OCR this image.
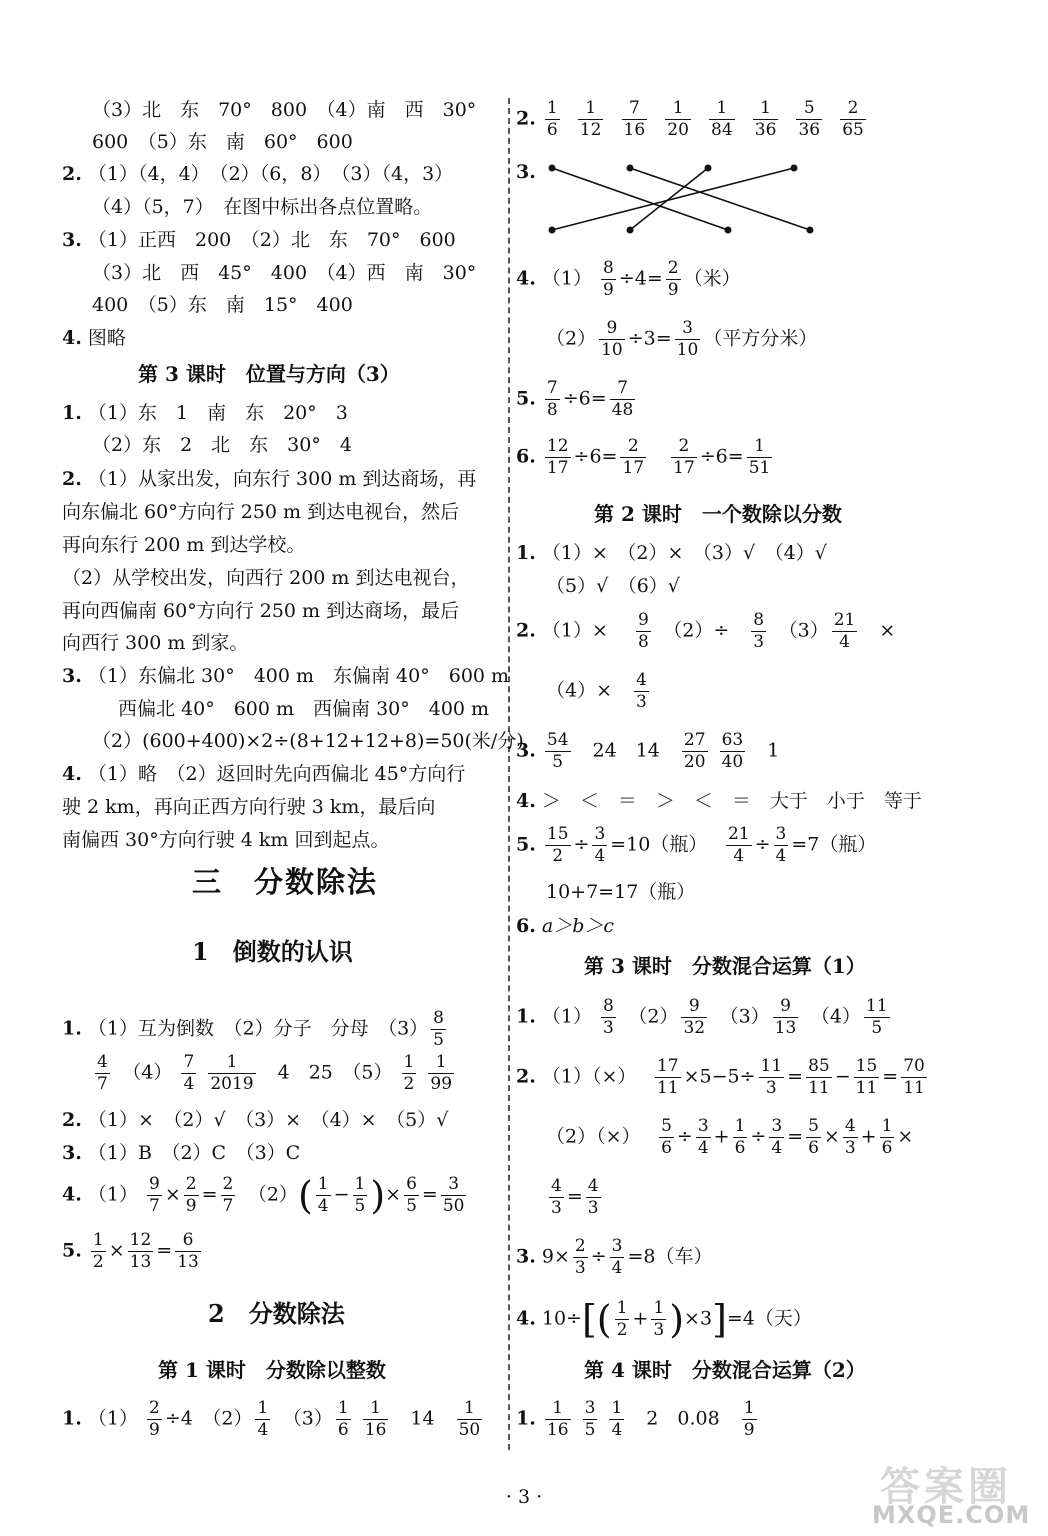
（3）北　东　70°　800　（4）南　西　30°
600　（5）东　南　60°　600
2. （1）（4，4）　（2）（6，8）　（3）（4，3）
（4）（5，7）　在图中标出各点位置略。
3. （1）正西　200　（2）北　东　70°　600
（3）北　西　45°　400　（4）西　南　30°
400　（5）东　南　15°　400
4. 图略
第 3 课时　位置与方向（3）
1. （1）东　1　南　东　20°　3
（2）东　2　北　东　30°　4
2. （1）从家出发，向东行 300 m 到达商场，再
向东偏北 60°方向行 250 m 到达电视台，然后
再向东行 200 m 到达学校。
（2）从学校出发，向西行 200 m 到达电视台，
再向西偏南 60°方向行 250 m 到达商场，最后
向西行 300 m 到家。
3. （1）东偏北 30°　400 m　东偏南 40°　600 m
西偏北 40°　600 m　西偏南 30°　400 m
（2）(600+400)×2÷(8+12+12+8)=50(米/分)
4. （1）略　（2）返回时先向西偏北 45°方向行
驶 2 km，再向正西方向行驶 3 km，最后向
南偏西 30°方向行驶 4 km 回到起点。
三　分数除法
1　倒数的认识
1. （1）互为倒数　（2）分子　分母　$(3) \frac{8}{5}$
$\frac{4}{7}$ 　$(4) \frac{7}{4}$
$\frac{1}{2019}$ 　4　25　$(5) \frac{1}{2}$
$\frac{1}{99}$
2. （1）×　（2）√　（3）×　（4）×　（5）√
3. （1）B　（2）C　（3）C
4. $(1) \frac{9}{7} \times \frac{2}{9} = \frac{2}{7}$ 　$(2)( \frac{1}{4} - \frac{1}{5}$ )× $\frac{6}{5} = \frac{3}{50}$
5. $\frac{1}{2} \times \frac{12}{13} = \frac{6}{13}$
2　分数除法
第 1 课时　分数除以整数
1. $(1) \frac{2}{9} \div 4$　$(2) \frac{1}{4}$ 　$(3) \frac{1}{6}$
$\frac{1}{16}$ 　14　 $\frac{1}{50}$
2. $\frac{1}{6}$
$\frac{1}{12}$
$\frac{7}{16}$
$\frac{1}{20}$
$\frac{1}{84}$
$\frac{1}{36}$
$\frac{5}{36}$
$\frac{2}{65}$
3.
4. $(1) \frac{8}{9} \div 4= \frac{2}{9}$ （米）
$(2) \frac{9}{10} \div 3= \frac{3}{10}$ （平方分米）
5. $\frac{7}{8} \div 6= \frac{7}{48}$
6. $\frac{12}{17} \div 6= \frac{2}{17}$
　 $\frac{2}{17} \div 6= \frac{1}{51}$
第 2 课时　一个数除以分数
1. （1）×　（2）×　（3）√　（4）√
（5）√　（6）√
2. （1）×　 $\frac{9}{8}$ 　（2）÷　 $\frac{8}{3}$ 　$(3) \frac{21}{4}$ 　×
（4）×　 $\frac{4}{3}$
3. $\frac{54}{5}$ 　24　14　 $\frac{27}{20}$
$\frac{63}{40}$ 　1
4. ＞　＜　＝　＞　＜　＝　大于　小于　等于
5. $\frac{15}{2} \div \frac{3}{4} =10$（瓶）　 $\frac{21}{4} \div \frac{3}{4} =7$（瓶）
10+7=17（瓶）
6. a＞b＞c
第 3 课时　分数混合运算（1）
1. $(1) \frac{8}{3}$ 　$(2) \frac{9}{32}$ 　$(3) \frac{9}{13}$ 　$(4) \frac{11}{5}$
2. （1）（×）　 $\frac{17}{11} \times 5-5\div \frac{11}{3} = \frac{85}{11} - \frac{15}{11} = \frac{70}{11}$
（2）（×）　 $\frac{5}{6} \div \frac{3}{4} + \frac{1}{6} \div \frac{3}{4} = \frac{5}{6} \times \frac{4}{3} + \frac{1}{6}$ ×
$\frac{4}{3} = \frac{4}{3}$
3. $9\times \frac{2}{3} \div \frac{3}{4} =8$（车）
4. $10\div[( \frac{1}{2} + \frac{1}{3} )\times 3]=4$（天）
第 4 课时　分数混合运算（2）
1. $\frac{1}{16}$
$\frac{3}{5}$
$\frac{1}{4}$ 　2　0.08　 $\frac{1}{9}$
· 3 ·	答案圈
MXQE.COM
